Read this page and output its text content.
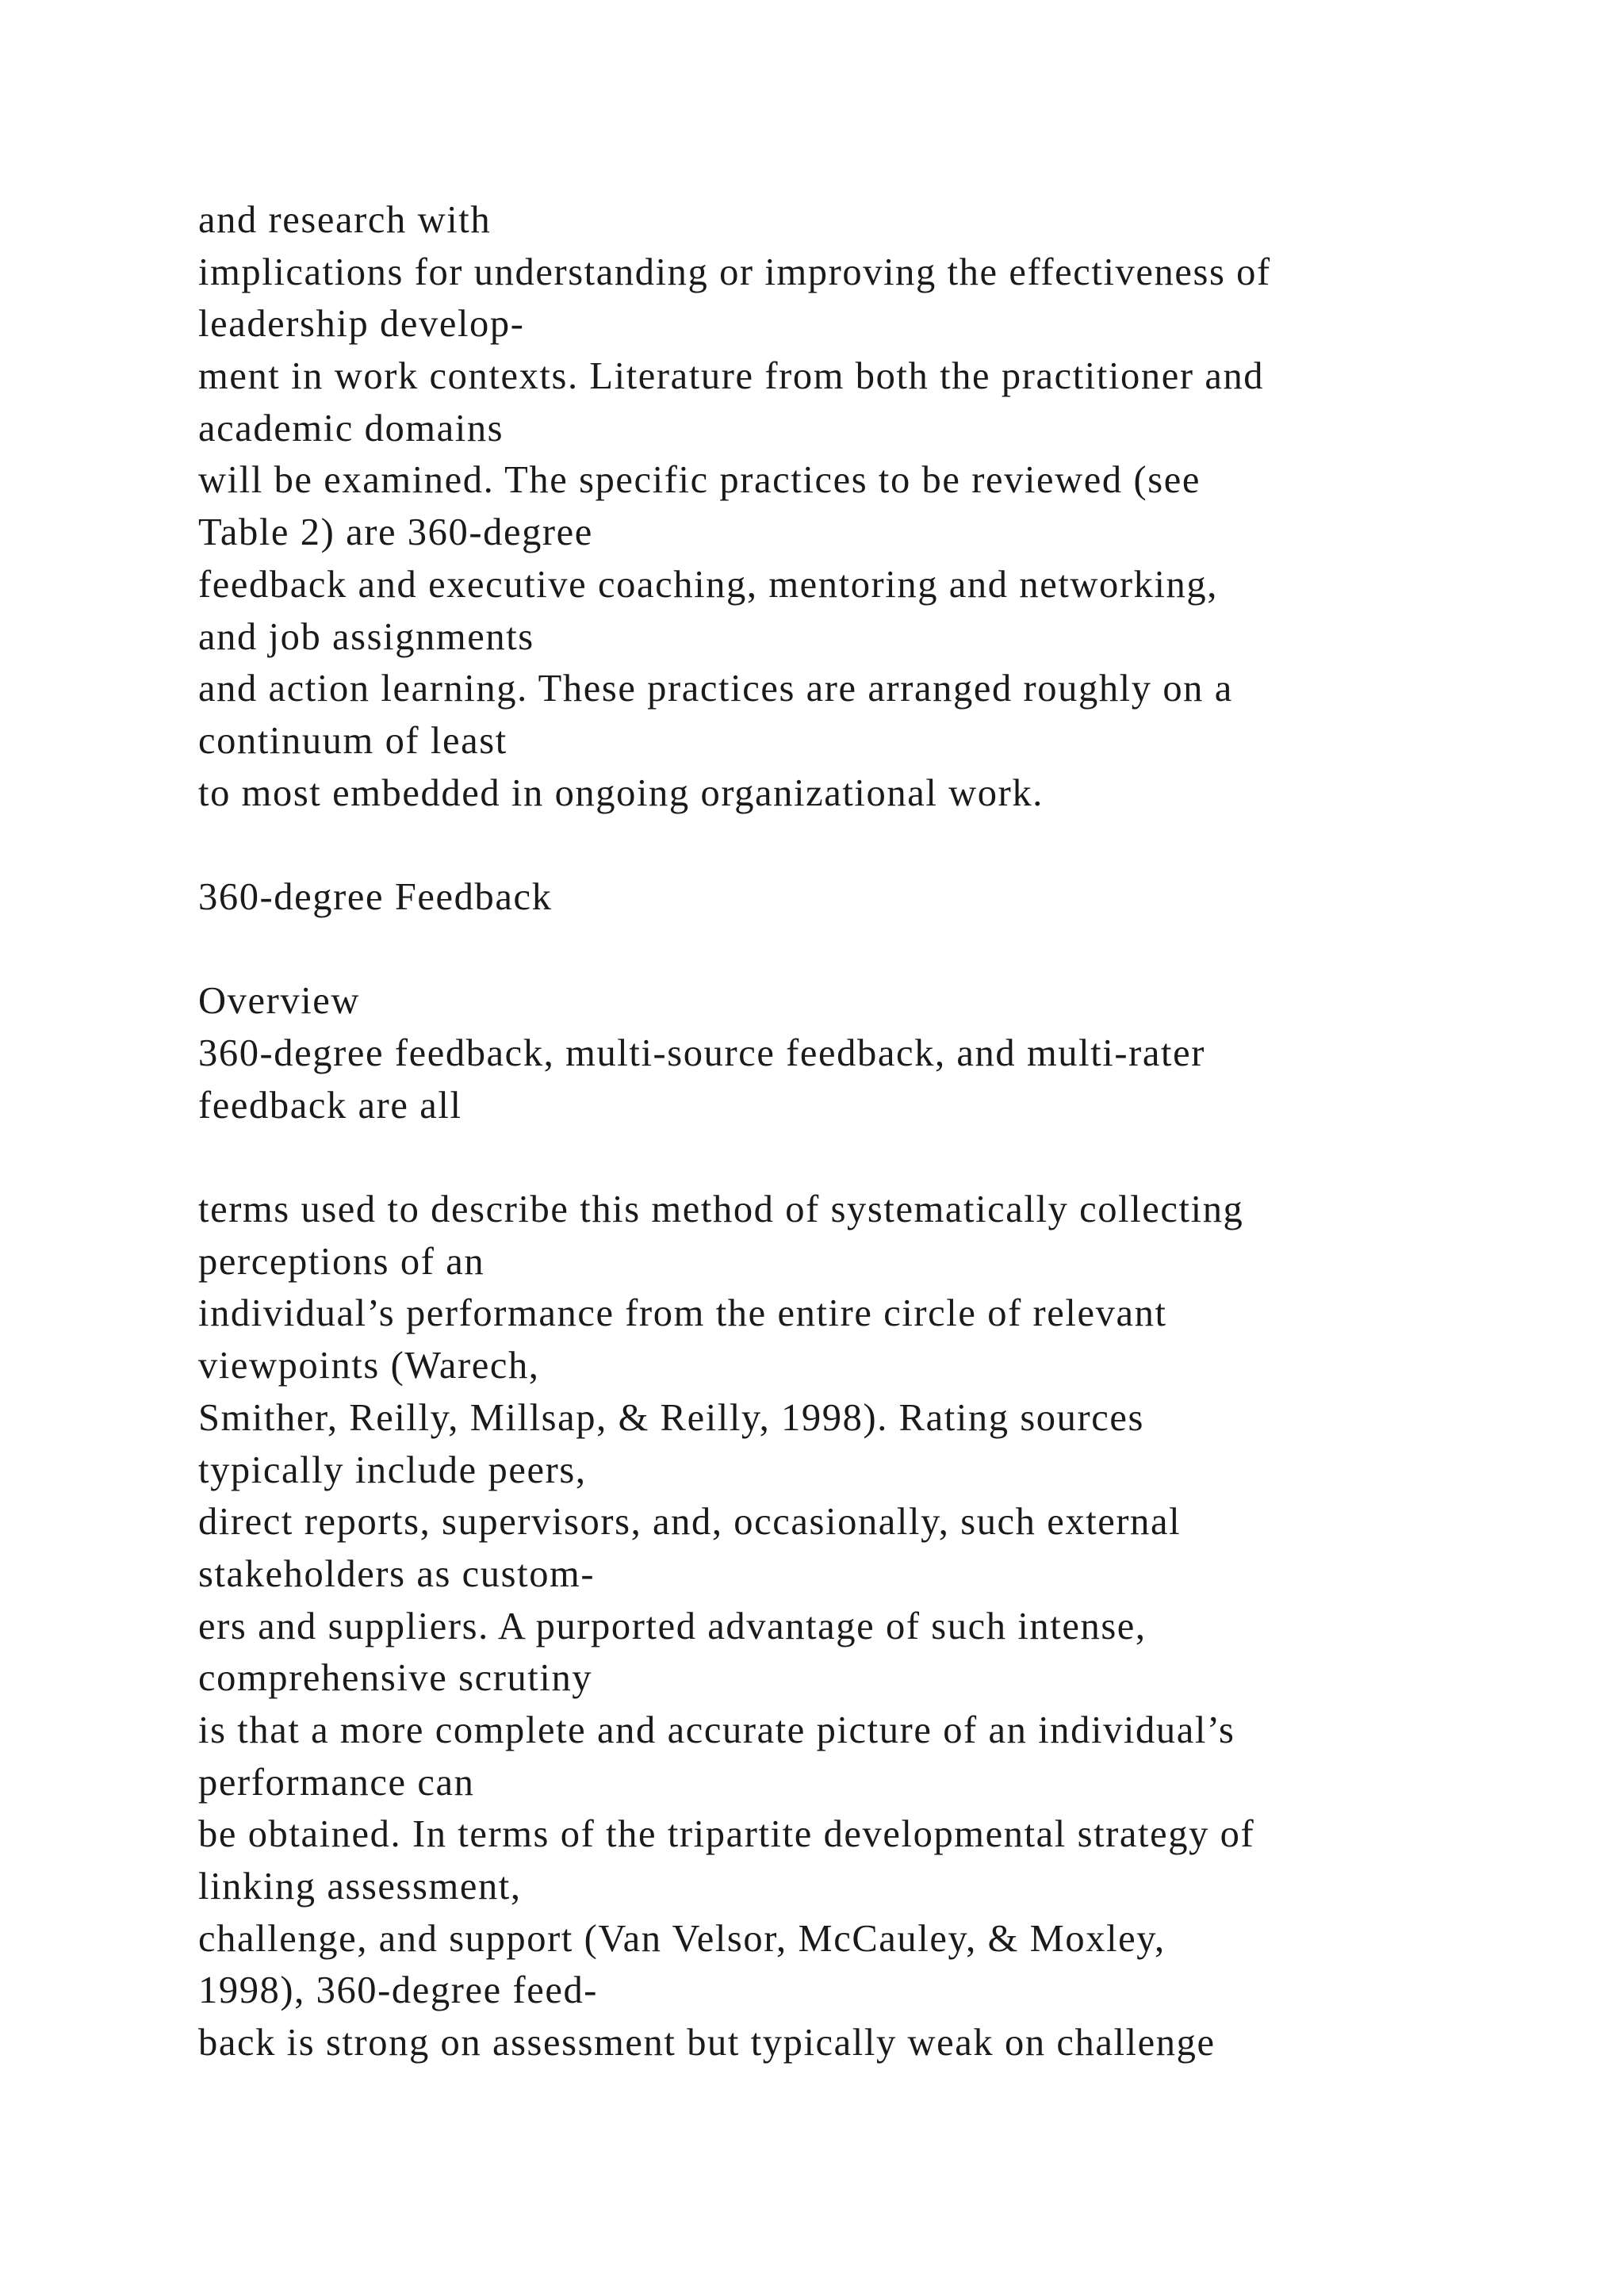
and research with
implications for understanding or improving the effectiveness of
leadership develop-
ment in work contexts. Literature from both the practitioner and
academic domains
will be examined. The specific practices to be reviewed (see
Table 2) are 360-degree
feedback and executive coaching, mentoring and networking,
and job assignments
and action learning. These practices are arranged roughly on a
continuum of least
to most embedded in ongoing organizational work.
360-degree Feedback
Overview
360-degree feedback, multi-source feedback, and multi-rater
feedback are all
terms used to describe this method of systematically collecting
perceptions of an
individual’s performance from the entire circle of relevant
viewpoints (Warech,
Smither, Reilly, Millsap, & Reilly, 1998). Rating sources
typically include peers,
direct reports, supervisors, and, occasionally, such external
stakeholders as custom-
ers and suppliers. A purported advantage of such intense,
comprehensive scrutiny
is that a more complete and accurate picture of an individual’s
performance can
be obtained. In terms of the tripartite developmental strategy of
linking assessment,
challenge, and support (Van Velsor, McCauley, & Moxley,
1998), 360-degree feed-
back is strong on assessment but typically weak on challenge
